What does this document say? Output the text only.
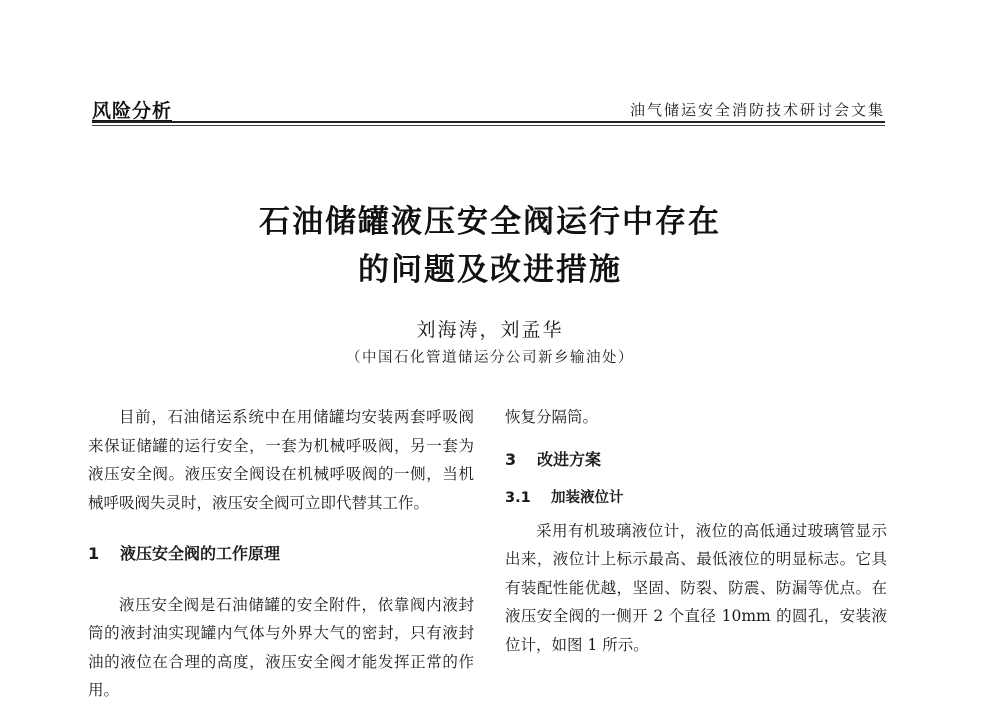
风险分析	油气储运安全消防技术研讨会文集
石油储罐液压安全阀运行中存在
的问题及改进措施
刘海涛，刘孟华
（中国石化管道储运分公司新乡输油处）

目前，石油储运系统中在用储罐均安装两套呼吸阀来保证储罐的运行安全，一套为机械呼吸阀，另一套为液压安全阀。液压安全阀设在机械呼吸阀的一侧，当机械呼吸阀失灵时，液压安全阀可立即代替其工作。

1 液压安全阀的工作原理

液压安全阀是石油储罐的安全附件，依靠阀内液封筒的液封油实现罐内气体与外界大气的密封，只有液封油的液位在合理的高度，液压安全阀才能发挥正常的作用。

恢复分隔筒。

3 改进方案

3.1 加装液位计

采用有机玻璃液位计，液位的高低通过玻璃管显示出来，液位计上标示最高、最低液位的明显标志。它具有装配性能优越，坚固、防裂、防震、防漏等优点。在液压安全阀的一侧开 2 个直径 10mm 的圆孔，安装液位计，如图 1 所示。
